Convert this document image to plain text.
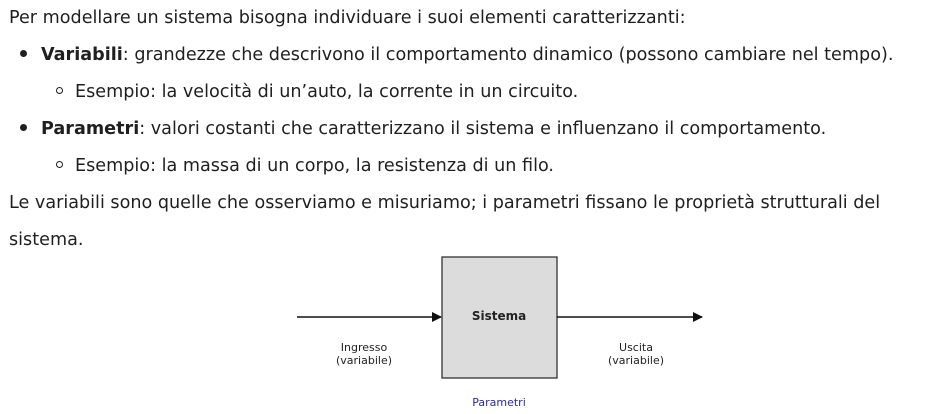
Per modellare un sistema bisogna individuare i suoi elementi caratterizzanti:
Variabili: grandezze che descrivono il comportamento dinamico (possono cambiare nel tempo).
Esempio: la velocità di un’auto, la corrente in un circuito.
Parametri: valori costanti che caratterizzano il sistema e influenzano il comportamento.
Esempio: la massa di un corpo, la resistenza di un filo.
Le variabili sono quelle che osserviamo e misuriamo; i parametri fissano le proprietà strutturali del
sistema.
Sistema
Ingresso
(variabile)
Uscita
(variabile)
Parametri
